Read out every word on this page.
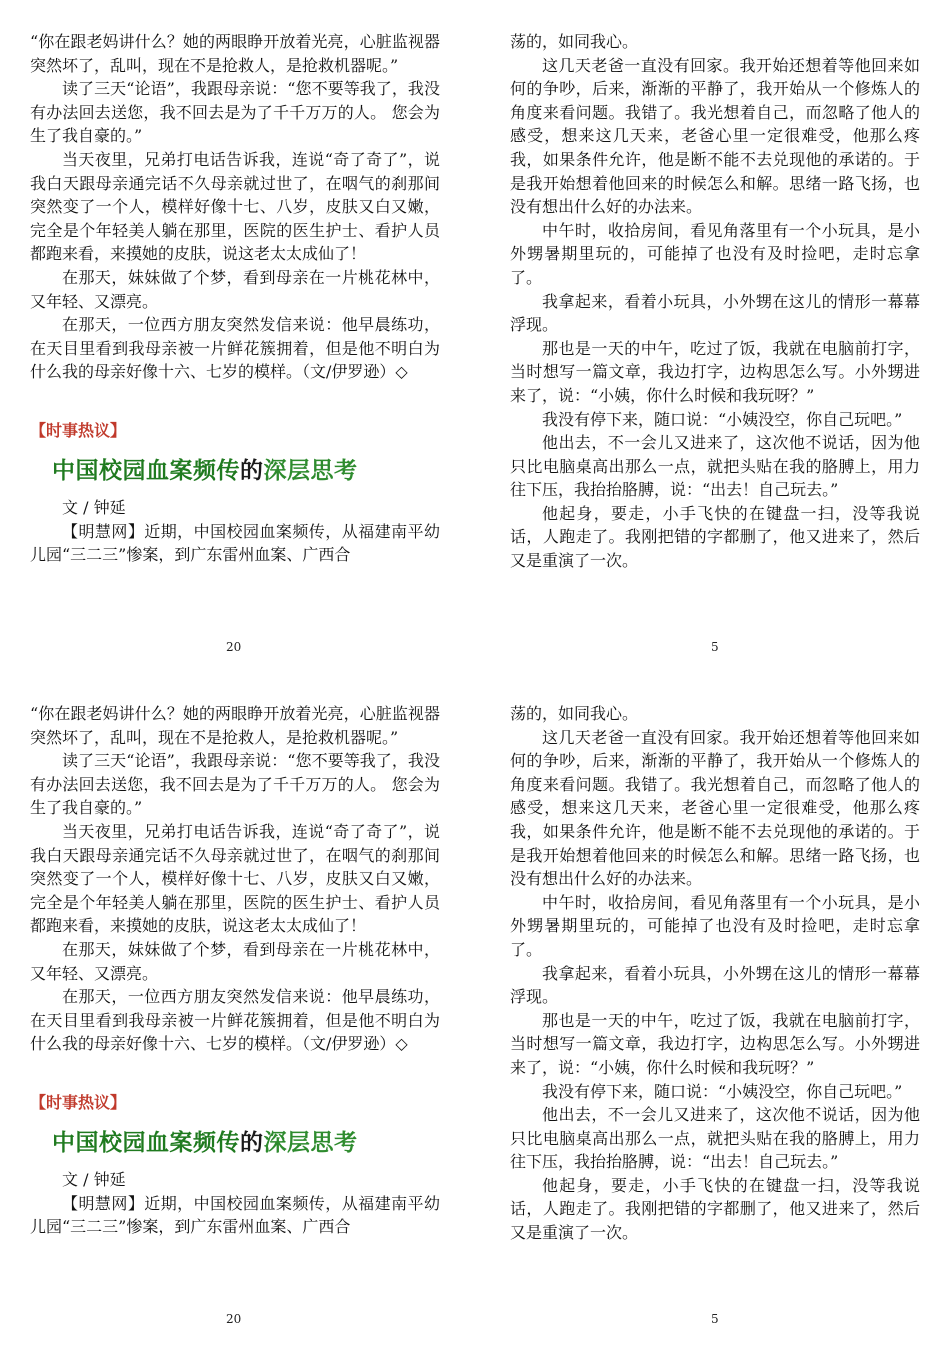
“你在跟老妈讲什么？她的两眼睁开放着光亮，心脏监视器突然坏了，乱叫，现在不是抢救人，是抢救机器呢。”

读了三天“论语”，我跟母亲说：“您不要等我了，我没有办法回去送您，我不回去是为了千千万万的人。 您会为生了我自豪的。”

当天夜里，兄弟打电话告诉我，连说“奇了奇了”，说我白天跟母亲通完话不久母亲就过世了，在咽气的刹那间突然变了一个人，模样好像十七、八岁，皮肤又白又嫩，完全是个年轻美人躺在那里，医院的医生护士、看护人员都跑来看，来摸她的皮肤，说这老太太成仙了！

在那天，妹妹做了个梦，看到母亲在一片桃花林中，又年轻、又漂亮。

在那天，一位西方朋友突然发信来说：他早晨练功，在天目里看到我母亲被一片鲜花簇拥着，但是他不明白为什么我的母亲好像十六、七岁的模样。（文/伊罗逊）◇

【时事热议】
中国校园血案频传的深层思考

文 / 钟延

【明慧网】近期，中国校园血案频传，从福建南平幼儿园“三二三”惨案，到广东雷州血案、广西合

荡的，如同我心。

这几天老爸一直没有回家。我开始还想着等他回来如何的争吵，后来，渐渐的平静了，我开始从一个修炼人的角度来看问题。我错了。我光想着自己，而忽略了他人的感受，想来这几天来，老爸心里一定很难受，他那么疼我，如果条件允许，他是断不能不去兑现他的承诺的。于是我开始想着他回来的时候怎么和解。思绪一路飞扬，也没有想出什么好的办法来。

中午时，收拾房间，看见角落里有一个小玩具，是小外甥暑期里玩的，可能掉了也没有及时捡吧，走时忘拿了。

我拿起来，看着小玩具，小外甥在这儿的情形一幕幕浮现。

那也是一天的中午，吃过了饭，我就在电脑前打字，当时想写一篇文章，我边打字，边构思怎么写。小外甥进来了，说：“小姨，你什么时候和我玩呀？”

我没有停下来，随口说：“小姨没空，你自己玩吧。”

他出去，不一会儿又进来了，这次他不说话，因为他只比电脑桌高出那么一点，就把头贴在我的胳膊上，用力往下压，我抬抬胳膊，说：“出去！自己玩去。”

他起身，要走，小手飞快的在键盘一扫，没等我说话，人跑走了。我刚把错的字都删了，他又进来了，然后又是重演了一次。

20	5

“你在跟老妈讲什么？她的两眼睁开放着光亮，心脏监视器突然坏了，乱叫，现在不是抢救人，是抢救机器呢。”

读了三天“论语”，我跟母亲说：“您不要等我了，我没有办法回去送您，我不回去是为了千千万万的人。 您会为生了我自豪的。”

当天夜里，兄弟打电话告诉我，连说“奇了奇了”，说我白天跟母亲通完话不久母亲就过世了，在咽气的刹那间突然变了一个人，模样好像十七、八岁，皮肤又白又嫩，完全是个年轻美人躺在那里，医院的医生护士、看护人员都跑来看，来摸她的皮肤，说这老太太成仙了！

在那天，妹妹做了个梦，看到母亲在一片桃花林中，又年轻、又漂亮。

在那天，一位西方朋友突然发信来说：他早晨练功，在天目里看到我母亲被一片鲜花簇拥着，但是他不明白为什么我的母亲好像十六、七岁的模样。（文/伊罗逊）◇

【时事热议】
中国校园血案频传的深层思考

文 / 钟延

【明慧网】近期，中国校园血案频传，从福建南平幼儿园“三二三”惨案，到广东雷州血案、广西合

荡的，如同我心。

这几天老爸一直没有回家。我开始还想着等他回来如何的争吵，后来，渐渐的平静了，我开始从一个修炼人的角度来看问题。我错了。我光想着自己，而忽略了他人的感受，想来这几天来，老爸心里一定很难受，他那么疼我，如果条件允许，他是断不能不去兑现他的承诺的。于是我开始想着他回来的时候怎么和解。思绪一路飞扬，也没有想出什么好的办法来。

中午时，收拾房间，看见角落里有一个小玩具，是小外甥暑期里玩的，可能掉了也没有及时捡吧，走时忘拿了。

我拿起来，看着小玩具，小外甥在这儿的情形一幕幕浮现。

那也是一天的中午，吃过了饭，我就在电脑前打字，当时想写一篇文章，我边打字，边构思怎么写。小外甥进来了，说：“小姨，你什么时候和我玩呀？”

我没有停下来，随口说：“小姨没空，你自己玩吧。”

他出去，不一会儿又进来了，这次他不说话，因为他只比电脑桌高出那么一点，就把头贴在我的胳膊上，用力往下压，我抬抬胳膊，说：“出去！自己玩去。”

他起身，要走，小手飞快的在键盘一扫，没等我说话，人跑走了。我刚把错的字都删了，他又进来了，然后又是重演了一次。

20	5
